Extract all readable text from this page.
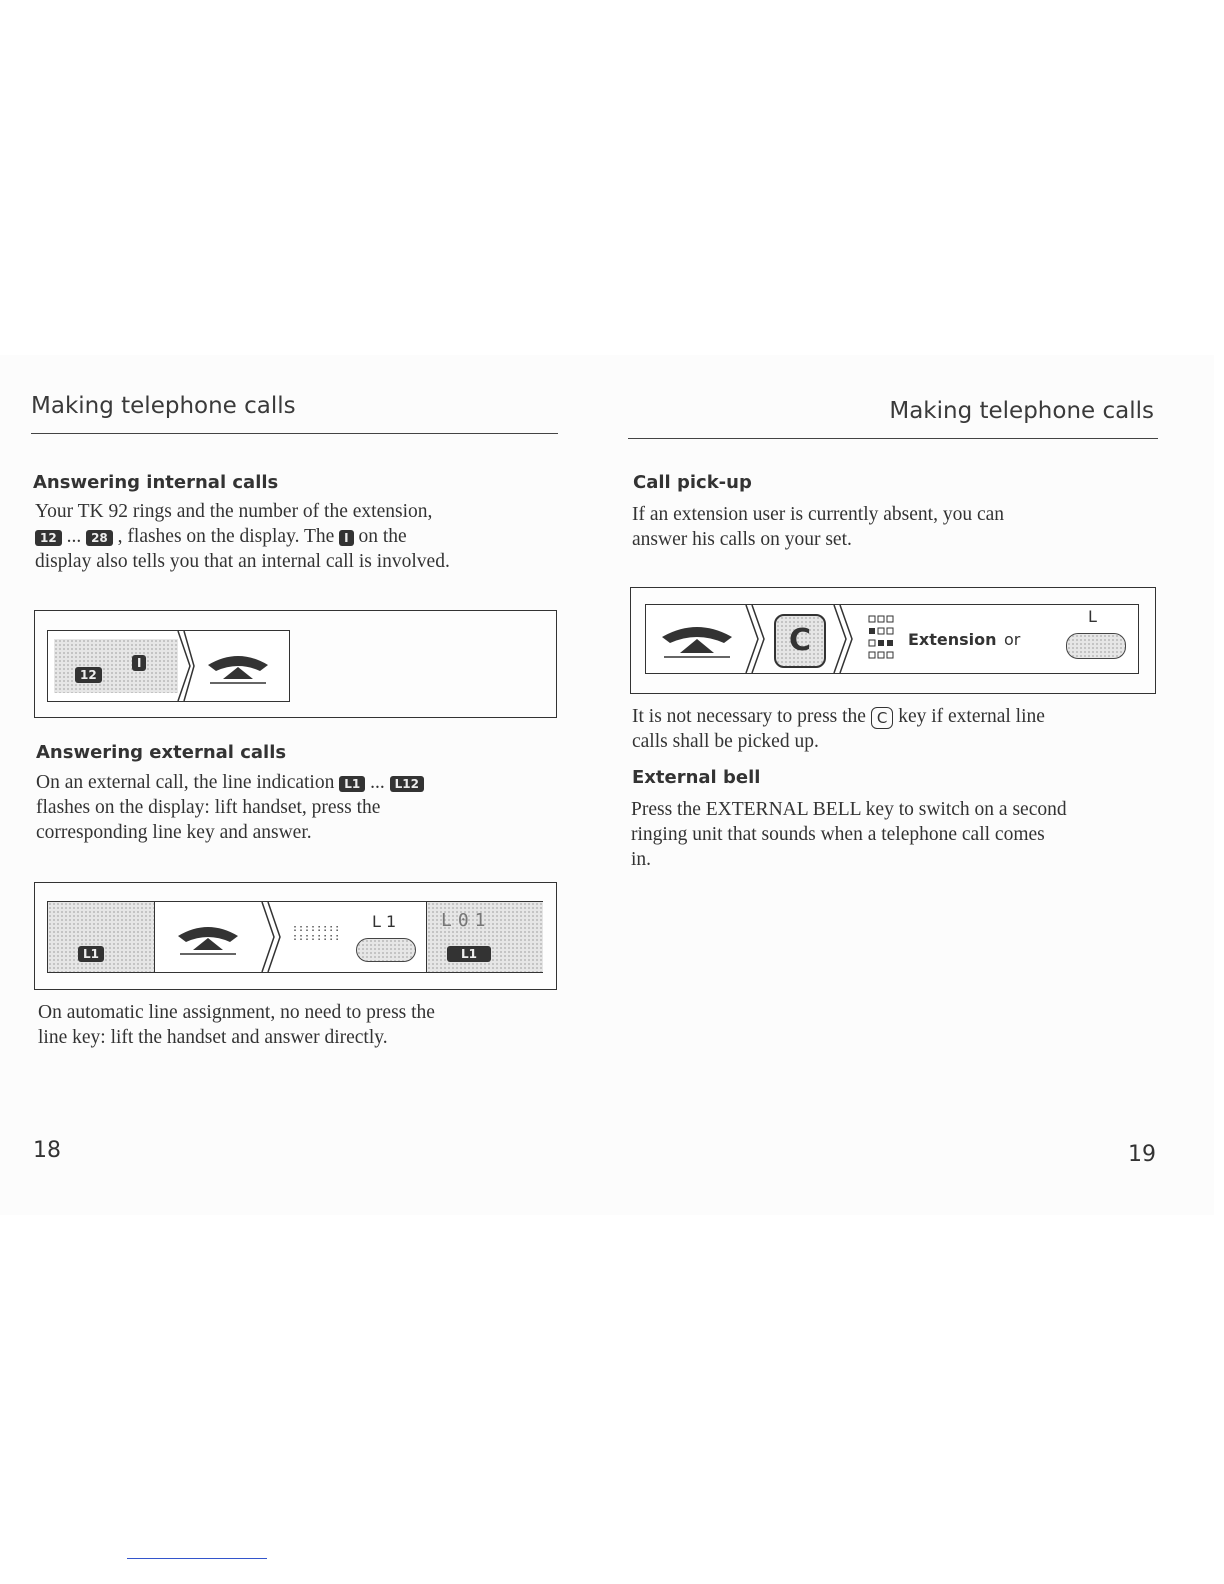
Making telephone calls
Answering internal calls
Your TK 92 rings and the number of the extension,
12 ... 28 , flashes on the display. The I on the
display also tells you that an internal call is involved.
12
I
Answering external calls
On an external call, the line indication L1 ... L12
flashes on the display: lift handset, press the
corresponding line key and answer.
L1
::::::::
::::::::
L 1 L01
L1
On automatic line assignment, no need to press the
line key: lift the handset and answer directly.
18
Making telephone calls
Call pick-up
If an extension user is currently absent, you can
answer his calls on your set.
C	Extension or
L
It is not necessary to press the C key if external line
calls shall be picked up.
External bell
Press the EXTERNAL BELL key to switch on a second
ringing unit that sounds when a telephone call comes
in.
19
